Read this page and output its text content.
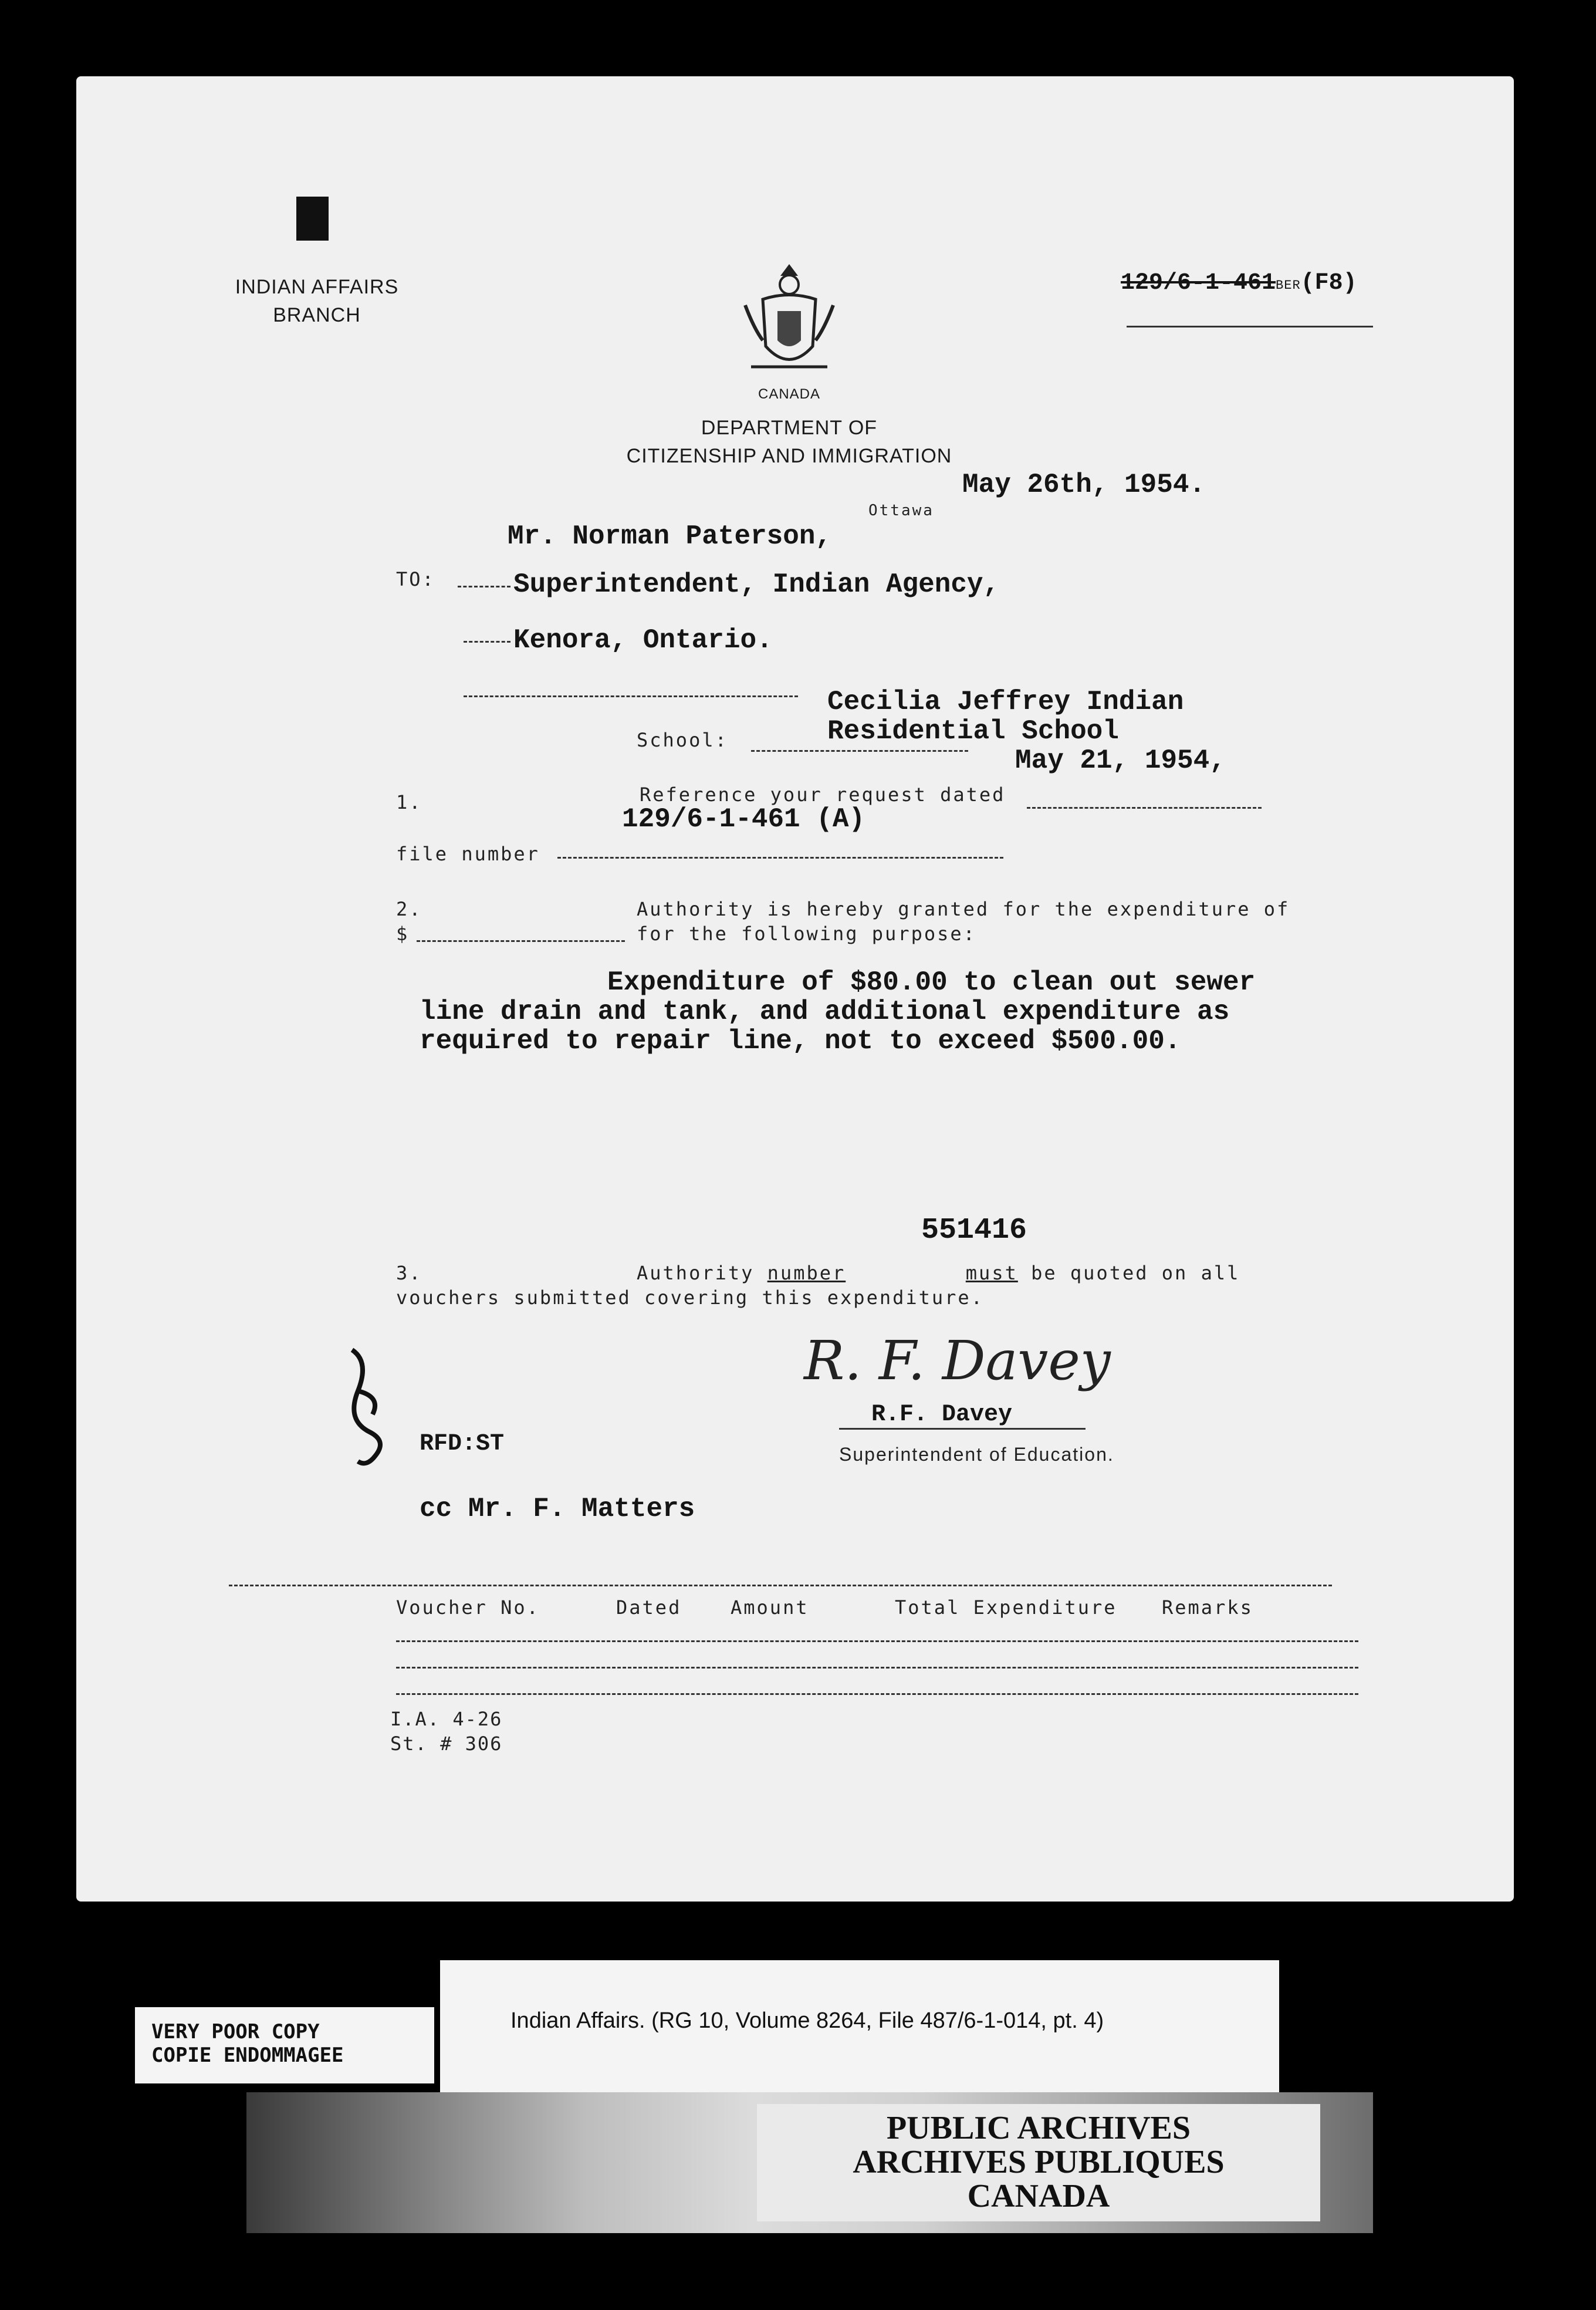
INDIAN AFFAIRS
BRANCH
CANADA
DEPARTMENT OF
CITIZENSHIP AND IMMIGRATION
129/6-1-461BER(F8)
May 26th, 1954.
Ottawa
Mr. Norman Paterson,
TO:	Superintendent, Indian Agency,
Kenora, Ontario.
Cecilia Jeffrey Indian
Residential School
School:
May 21, 1954,
1.	Reference your request dated
129/6-1-461 (A)
file number
2.	Authority is hereby granted for the expenditure of
$	for the following purpose:
Expenditure of $80.00 to clean out sewer
line drain and tank, and additional expenditure as
required to repair line, not to exceed $500.00.
551416
3.	Authority number	must be quoted on all
vouchers submitted covering this expenditure.
R. F. Davey
R.F. Davey
Superintendent of Education.
RFD:ST
cc Mr. F. Matters
Voucher No.	Dated	Amount	Total Expenditure Remarks
I.A. 4-26
St. # 306
VERY POOR COPY
COPIE ENDOMMAGEE
Indian Affairs. (RG 10, Volume 8264, File 487/6-1-014, pt. 4)
PUBLIC ARCHIVES
ARCHIVES PUBLIQUES
CANADA
